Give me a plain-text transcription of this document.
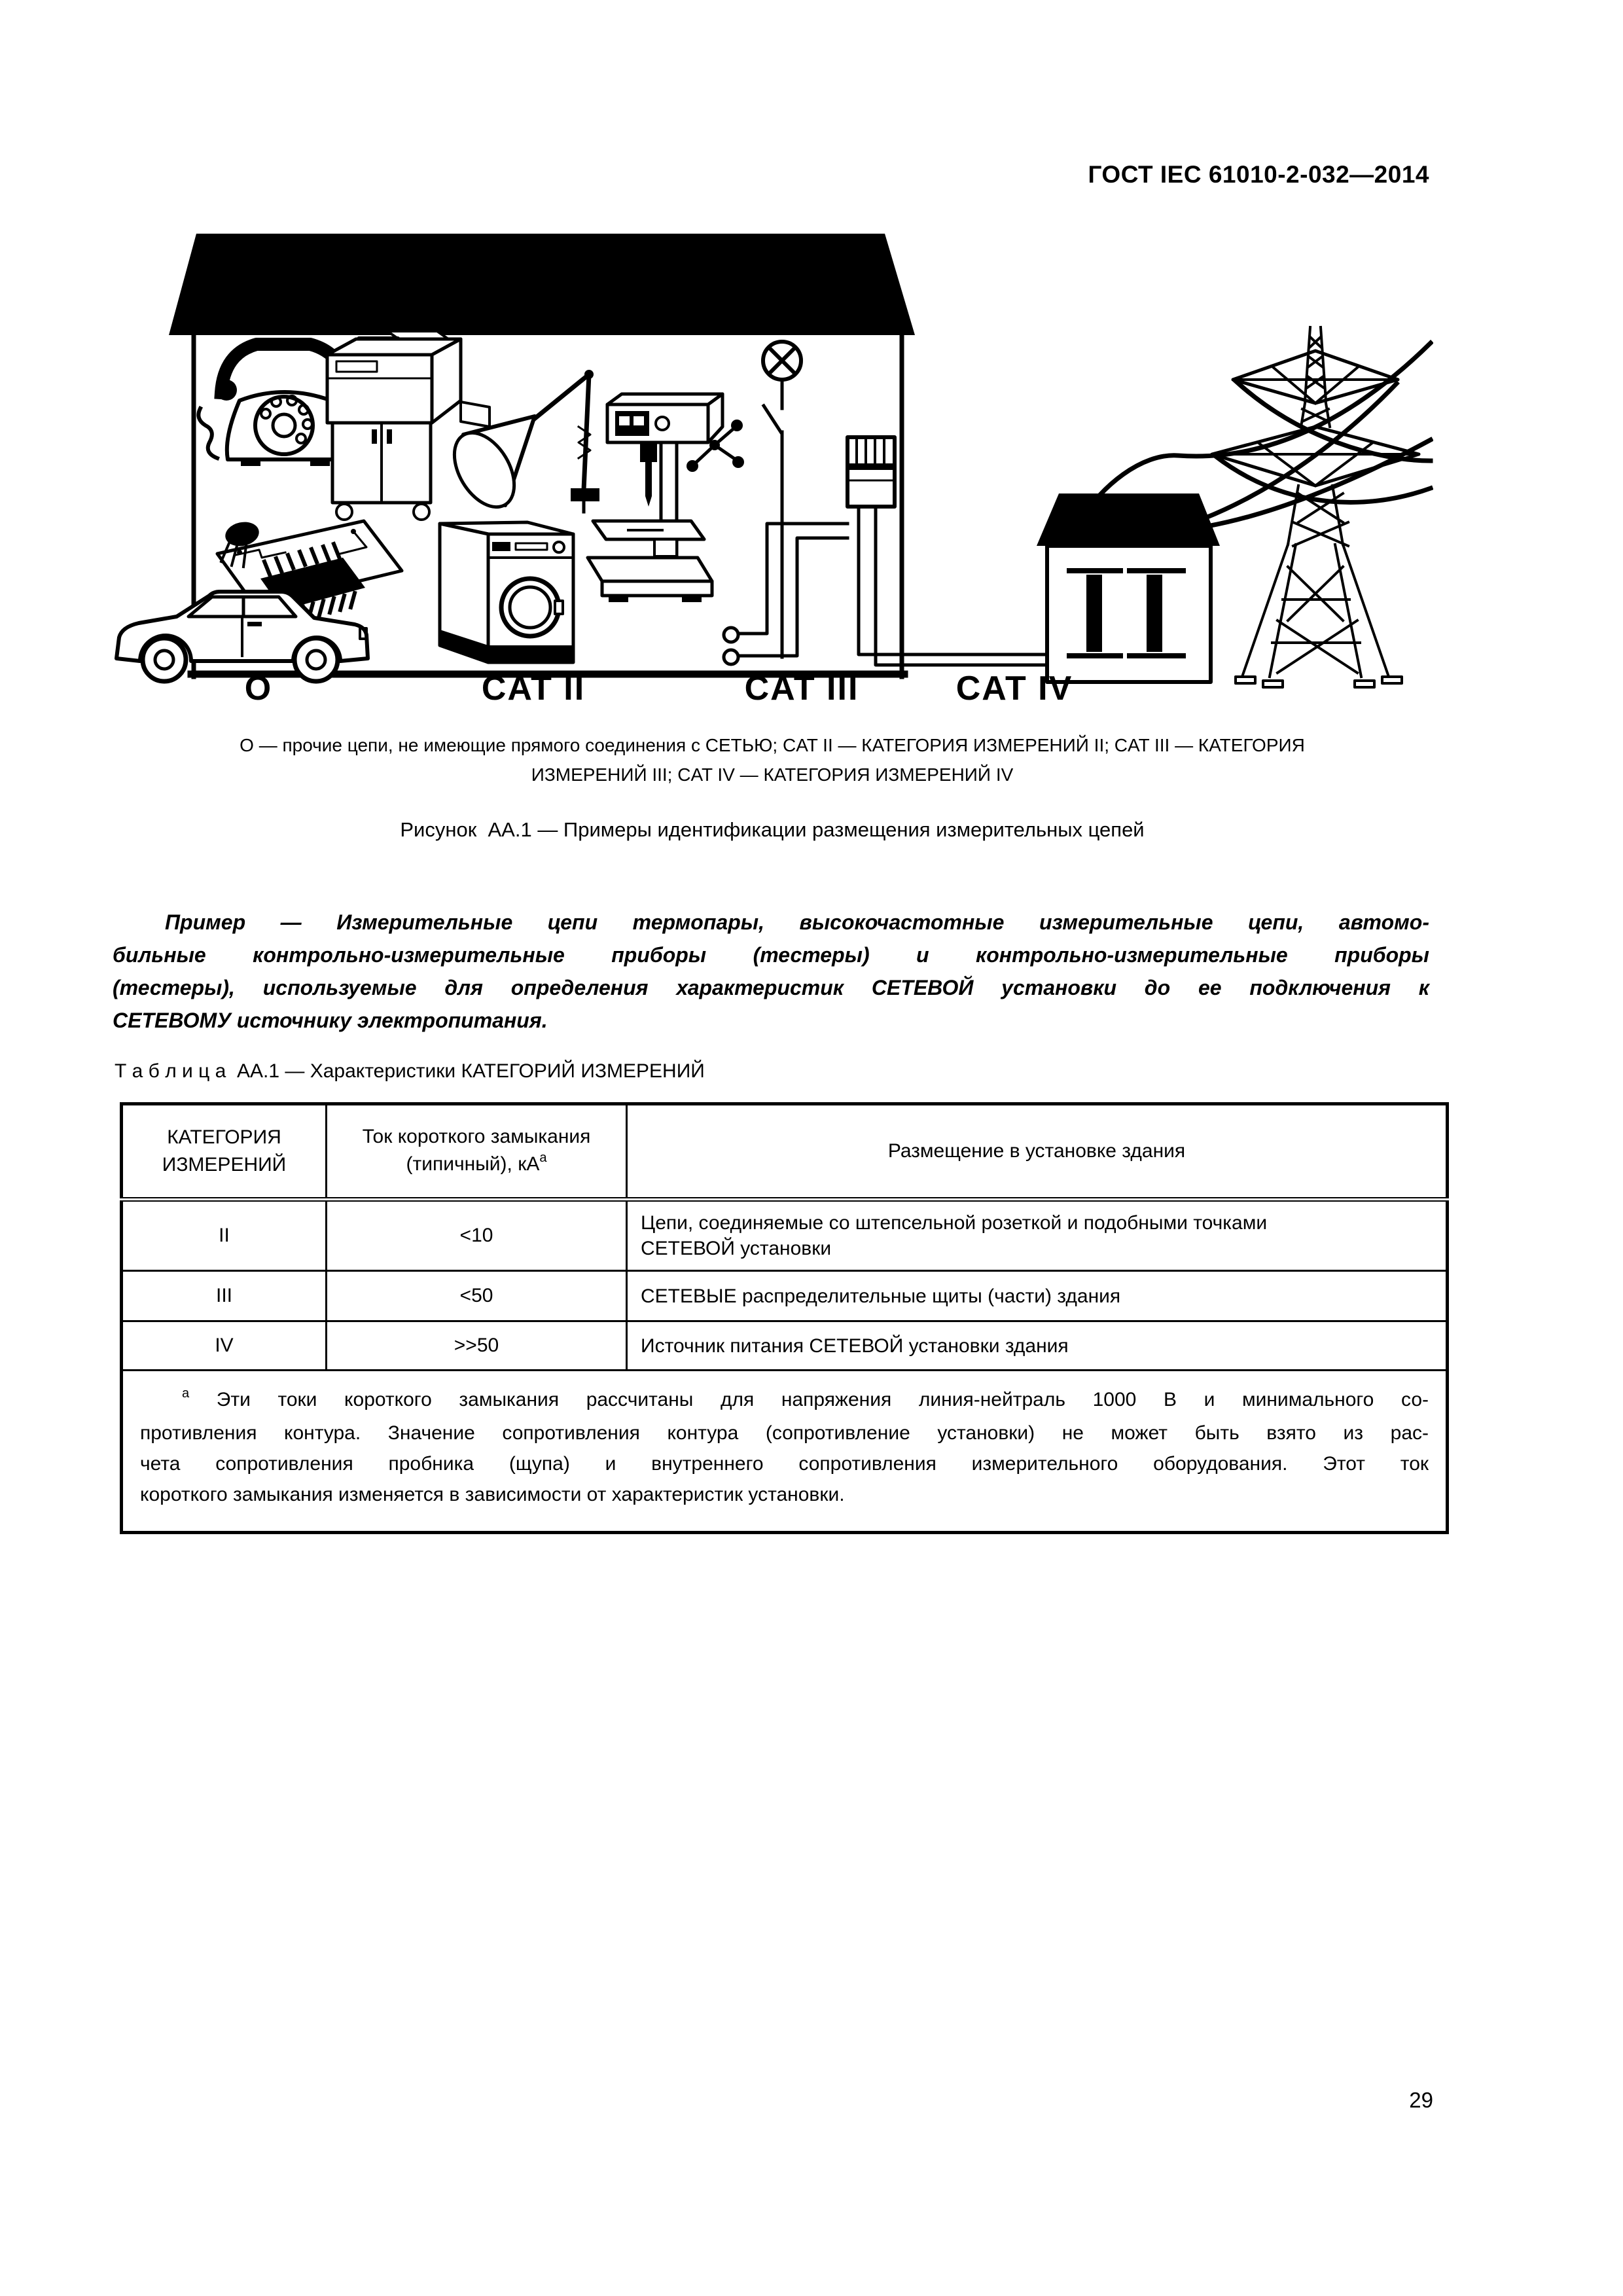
ГОСТ IEC 61010-2-032—2014
O	CAT II	CAT III	CAT IV
О — прочие цепи, не имеющие прямого соединения с СЕТЬЮ; CAT II — КАТЕГОРИЯ ИЗМЕРЕНИЙ II; CAT III — КАТЕГОРИЯ
ИЗМЕРЕНИЙ III; CAT IV — КАТЕГОРИЯ ИЗМЕРЕНИЙ IV
Рисунок  АА.1 — Примеры идентификации размещения измерительных цепей
Пример — Измерительные цепи термопары, высокочастотные измерительные цепи, автомо-
бильные контрольно-измерительные приборы (тестеры) и контрольно-измерительные приборы
(тестеры), используемые для определения характеристик СЕТЕВОЙ установки до ее подключения к
СЕТЕВОМУ источнику электропитания.
Т а б л и ц а  АА.1 — Характеристики КАТЕГОРИЙ ИЗМЕРЕНИЙ
КАТЕГОРИЯ ИЗМЕРЕНИЙ	Ток короткого замыкания (типичный), $кА^а$	Размещение в установке здания
II	<10	Цепи, соединяемые со штепсельной розеткой и подобными точками СЕТЕВОЙ установки
III	<50	СЕТЕВЫЕ распределительные щиты (части) здания
IV	>>50	Источник питания СЕТЕВОЙ установки здания

$^а$ Эти токи короткого замыкания рассчитаны для напряжения линия-нейтраль 1000 В и минимального со-
противления контура. Значение сопротивления контура (сопротивление установки) не может быть взято из рас-
чета сопротивления пробника (щупа) и внутреннего сопротивления измерительного оборудования. Этот ток
короткого замыкания изменяется в зависимости от характеристик установки.		
29
